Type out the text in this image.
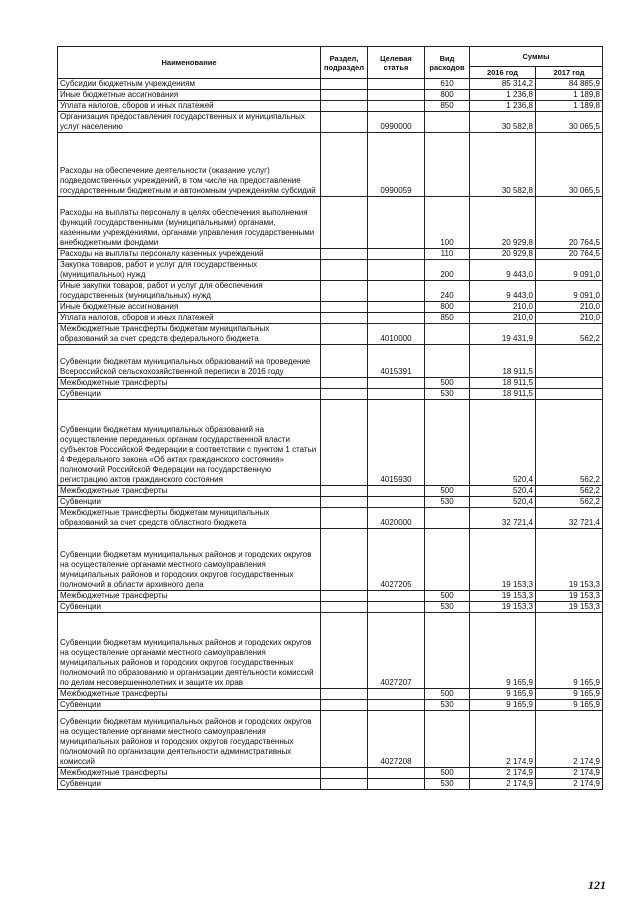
Наименование	Раздел, подраздел	Целевая статья	Вид расходов	Суммы	
				2016 год	2017 год
Субсидии бюджетным учреждениям			610	85 314,2	84 885,9
Иные бюджетные ассигнования			800	1 236,8	1 189,8
Уплата налогов, сборов и иных платежей			850	1 236,8	1 189,8
Организация предоставления государственных и муниципальных услуг населению		0990000		30 582,8	30 065,5
Расходы на обеспечение деятельности (оказание услуг) подведомственных учреждений, в том числе на предоставление государственным бюджетным и автономным учреждениям субсидий		0990059		30 582,8	30 065,5
Расходы на выплаты персоналу в целях обеспечения выполнения функций государственными (муниципальными) органами, казенными учреждениями, органами управления государственными внебюджетными фондами			100	20 929,8	20 764,5
Расходы на выплаты персоналу казенных учреждений			110	20 929,8	20 764,5
Закупка товаров, работ и услуг для государственных (муниципальных) нужд			200	9 443,0	9 091,0
Иные закупки товаров, работ и услуг для обеспечения государственных (муниципальных) нужд			240	9 443,0	9 091,0
Иные бюджетные ассигнования			800	210,0	210,0
Уплата налогов, сборов и иных платежей			850	210,0	210,0
Межбюджетные трансферты бюджетам муниципальных образований за счет средств федерального бюджета		4010000		19 431,9	562,2
Субвенции бюджетам муниципальных образований на проведение Всероссийской сельскохозяйственной переписи в 2016 году		4015391		18 911,5	
Межбюджетные трансферты			500	18 911,5	
Субвенции			530	18 911,5	
Субвенции бюджетам муниципальных образований на осуществление переданных органам государственной власти субъектов Российской Федерации в соответствии с пунктом 1 статьи 4 Федерального закона «Об актах гражданского состояния» полномочий Российской Федерации на государственную регистрацию актов гражданского состояния		4015930		520,4	562,2
Межбюджетные трансферты			500	520,4	562,2
Субвенции			530	520,4	562,2
Межбюджетные трансферты бюджетам муниципальных образований за счет средств областного бюджета		4020000		32 721,4	32 721,4
Субвенции бюджетам муниципальных районов и городских округов на осуществление органами местного самоуправления муниципальных районов и городских округов государственных полномочий в области архивного дела		4027205		19 153,3	19 153,3
Межбюджетные трансферты			500	19 153,3	19 153,3
Субвенции			530	19 153,3	19 153,3
Субвенции бюджетам муниципальных районов и городских округов на осуществление органами местного самоуправления муниципальных районов и городских округов государственных полномочий по образованию и организации деятельности комиссий по делам несовершеннолетних и защите их прав		4027207		9 165,9	9 165,9
Межбюджетные трансферты			500	9 165,9	9 165,9
Субвенции			530	9 165,9	9 165,9
Субвенции бюджетам муниципальных районов и городских округов на осуществление органами местного самоуправления муниципальных районов и городских округов государственных полномочий по организации деятельности административных комиссий		4027208		2 174,9	2 174,9
Межбюджетные трансферты			500	2 174,9	2 174,9
Субвенции			530	2 174,9	2 174,9
121
